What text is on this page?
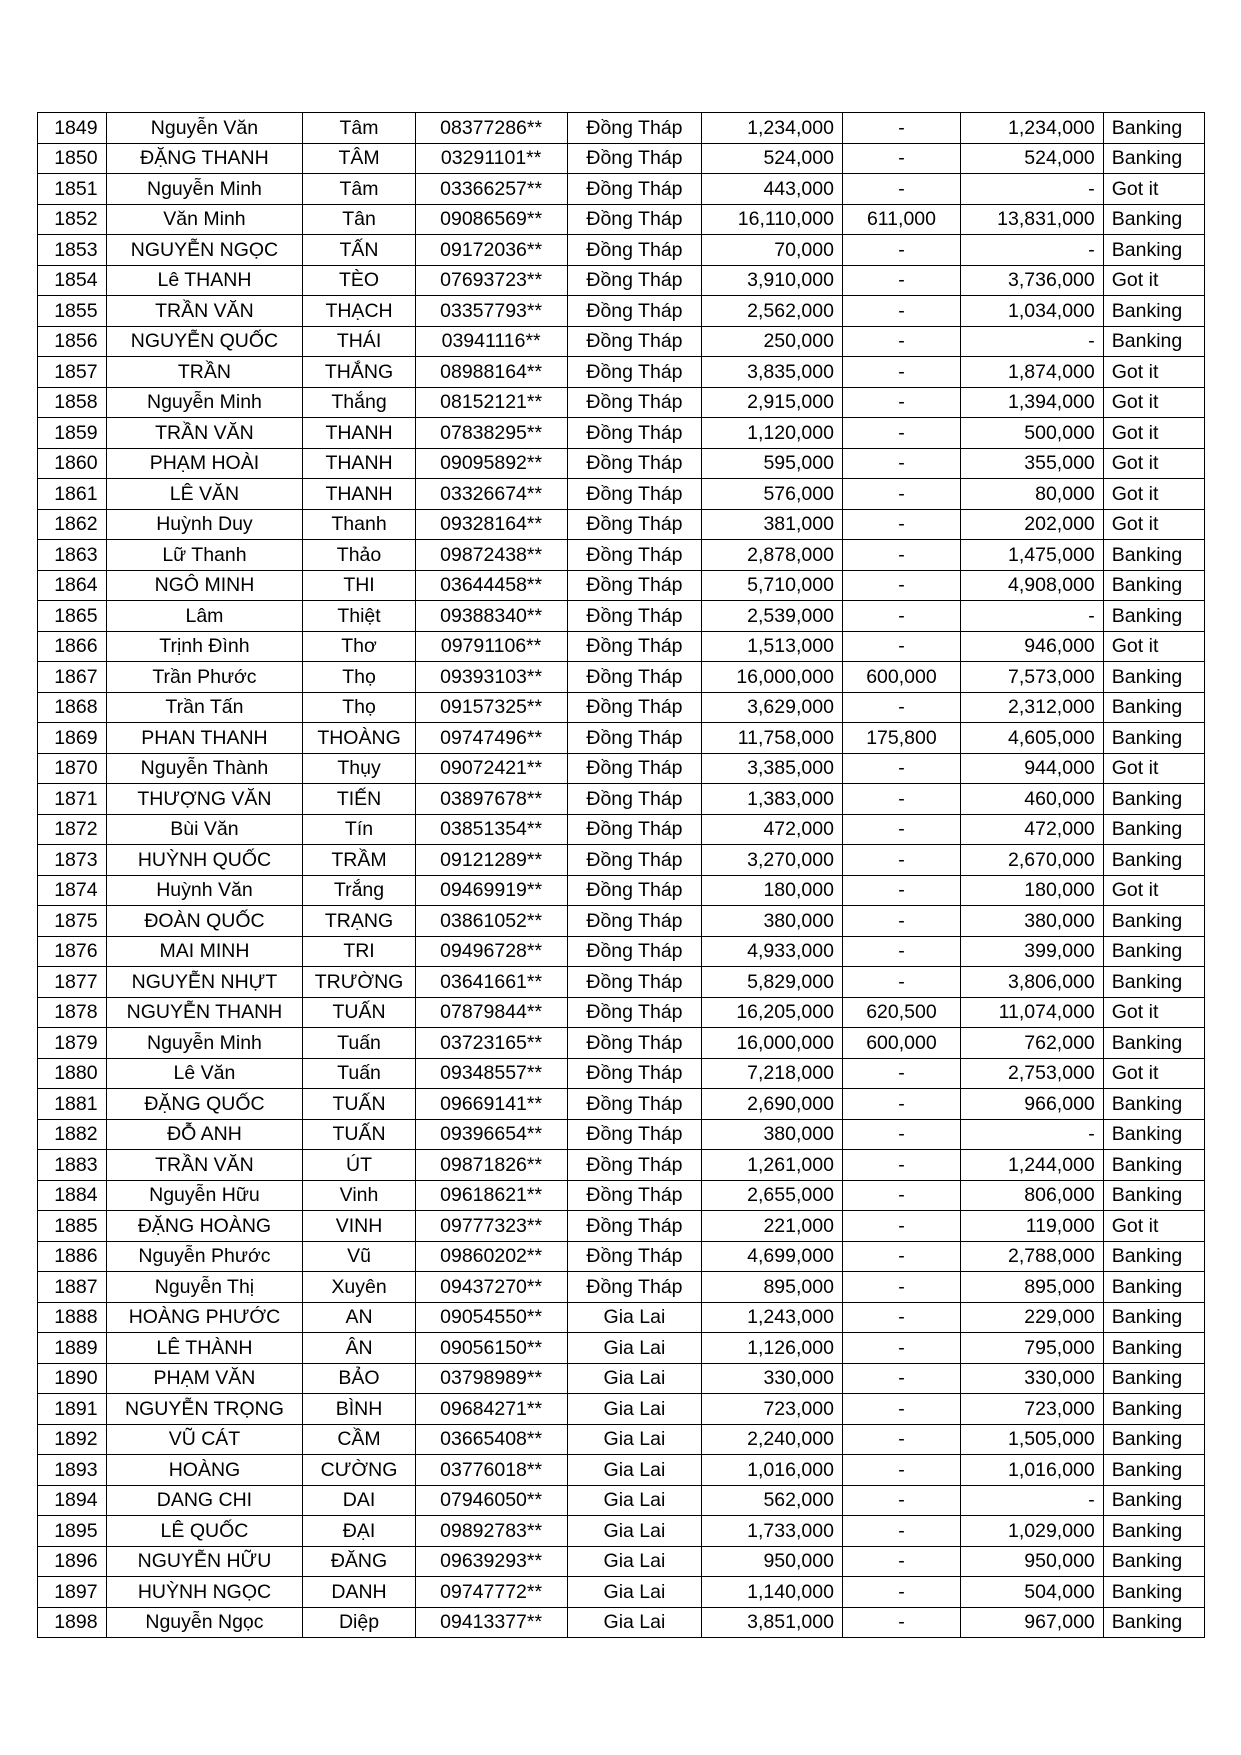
1849	Nguyễn Văn	Tâm	08377286**	Đồng Tháp	1,234,000	-	1,234,000	Banking
1850	ĐẶNG THANH	TÂM	03291101**	Đồng Tháp	524,000	-	524,000	Banking
1851	Nguyễn Minh	Tâm	03366257**	Đồng Tháp	443,000	-	-	Got it
1852	Văn Minh	Tân	09086569**	Đồng Tháp	16,110,000	611,000	13,831,000	Banking
1853	NGUYỄN NGỌC	TẤN	09172036**	Đồng Tháp	70,000	-	-	Banking
1854	Lê THANH	TÈO	07693723**	Đồng Tháp	3,910,000	-	3,736,000	Got it
1855	TRẦN VĂN	THẠCH	03357793**	Đồng Tháp	2,562,000	-	1,034,000	Banking
1856	NGUYỄN QUỐC	THÁI	03941116**	Đồng Tháp	250,000	-	-	Banking
1857	TRẦN	THẮNG	08988164**	Đồng Tháp	3,835,000	-	1,874,000	Got it
1858	Nguyễn Minh	Thắng	08152121**	Đồng Tháp	2,915,000	-	1,394,000	Got it
1859	TRẦN VĂN	THANH	07838295**	Đồng Tháp	1,120,000	-	500,000	Got it
1860	PHẠM HOÀI	THANH	09095892**	Đồng Tháp	595,000	-	355,000	Got it
1861	LÊ VĂN	THANH	03326674**	Đồng Tháp	576,000	-	80,000	Got it
1862	Huỳnh Duy	Thanh	09328164**	Đồng Tháp	381,000	-	202,000	Got it
1863	Lữ Thanh	Thảo	09872438**	Đồng Tháp	2,878,000	-	1,475,000	Banking
1864	NGÔ MINH	THI	03644458**	Đồng Tháp	5,710,000	-	4,908,000	Banking
1865	Lâm	Thiệt	09388340**	Đồng Tháp	2,539,000	-	-	Banking
1866	Trịnh Đình	Thơ	09791106**	Đồng Tháp	1,513,000	-	946,000	Got it
1867	Trần Phước	Thọ	09393103**	Đồng Tháp	16,000,000	600,000	7,573,000	Banking
1868	Trần Tấn	Thọ	09157325**	Đồng Tháp	3,629,000	-	2,312,000	Banking
1869	PHAN THANH	THOÀNG	09747496**	Đồng Tháp	11,758,000	175,800	4,605,000	Banking
1870	Nguyễn Thành	Thụy	09072421**	Đồng Tháp	3,385,000	-	944,000	Got it
1871	THƯỢNG VĂN	TIẾN	03897678**	Đồng Tháp	1,383,000	-	460,000	Banking
1872	Bùi Văn	Tín	03851354**	Đồng Tháp	472,000	-	472,000	Banking
1873	HUỲNH QUỐC	TRẦM	09121289**	Đồng Tháp	3,270,000	-	2,670,000	Banking
1874	Huỳnh Văn	Trắng	09469919**	Đồng Tháp	180,000	-	180,000	Got it
1875	ĐOÀN QUỐC	TRẠNG	03861052**	Đồng Tháp	380,000	-	380,000	Banking
1876	MAI MINH	TRI	09496728**	Đồng Tháp	4,933,000	-	399,000	Banking
1877	NGUYỄN NHỰT	TRƯỜNG	03641661**	Đồng Tháp	5,829,000	-	3,806,000	Banking
1878	NGUYỄN THANH	TUẤN	07879844**	Đồng Tháp	16,205,000	620,500	11,074,000	Got it
1879	Nguyễn Minh	Tuấn	03723165**	Đồng Tháp	16,000,000	600,000	762,000	Banking
1880	Lê Văn	Tuấn	09348557**	Đồng Tháp	7,218,000	-	2,753,000	Got it
1881	ĐẶNG QUỐC	TUẤN	09669141**	Đồng Tháp	2,690,000	-	966,000	Banking
1882	ĐỖ ANH	TUẤN	09396654**	Đồng Tháp	380,000	-	-	Banking
1883	TRẦN VĂN	ÚT	09871826**	Đồng Tháp	1,261,000	-	1,244,000	Banking
1884	Nguyễn Hữu	Vinh	09618621**	Đồng Tháp	2,655,000	-	806,000	Banking
1885	ĐẶNG HOÀNG	VINH	09777323**	Đồng Tháp	221,000	-	119,000	Got it
1886	Nguyễn Phước	Vũ	09860202**	Đồng Tháp	4,699,000	-	2,788,000	Banking
1887	Nguyễn Thị	Xuyên	09437270**	Đồng Tháp	895,000	-	895,000	Banking
1888	HOÀNG PHƯỚC	AN	09054550**	Gia Lai	1,243,000	-	229,000	Banking
1889	LÊ THÀNH	ÂN	09056150**	Gia Lai	1,126,000	-	795,000	Banking
1890	PHẠM VĂN	BẢO	03798989**	Gia Lai	330,000	-	330,000	Banking
1891	NGUYỄN TRỌNG	BÌNH	09684271**	Gia Lai	723,000	-	723,000	Banking
1892	VŨ CÁT	CẦM	03665408**	Gia Lai	2,240,000	-	1,505,000	Banking
1893	HOÀNG	CƯỜNG	03776018**	Gia Lai	1,016,000	-	1,016,000	Banking
1894	DANG CHI	DAI	07946050**	Gia Lai	562,000	-	-	Banking
1895	LÊ QUỐC	ĐẠI	09892783**	Gia Lai	1,733,000	-	1,029,000	Banking
1896	NGUYỄN HỮU	ĐĂNG	09639293**	Gia Lai	950,000	-	950,000	Banking
1897	HUỲNH NGỌC	DANH	09747772**	Gia Lai	1,140,000	-	504,000	Banking
1898	Nguyễn Ngọc	Diệp	09413377**	Gia Lai	3,851,000	-	967,000	Banking
